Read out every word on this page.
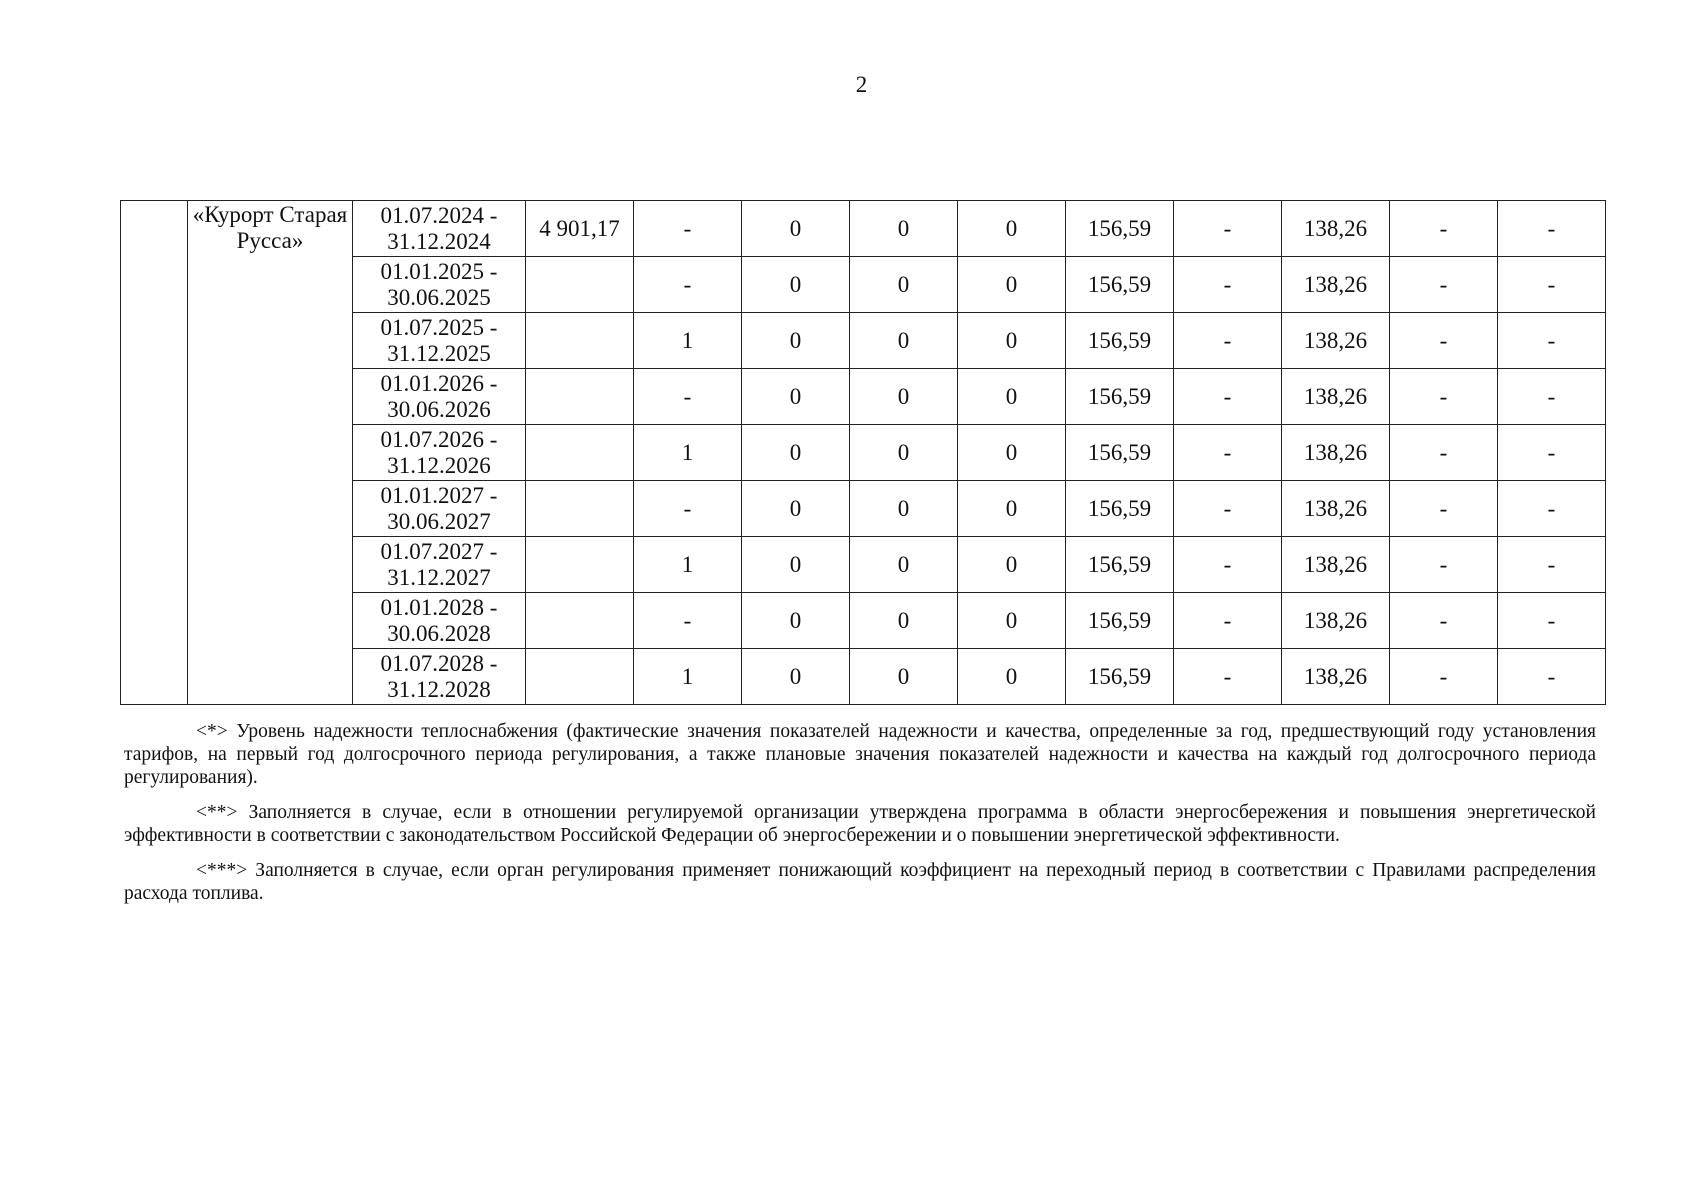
2
	«Курорт Старая Русса»	01.07.2024 -
31.12.2024	4 901,17	-	0	0	0	156,59	-	138,26	-	-

		01.01.2025 -
30.06.2025		-	0	0	0	156,59	-	138,26	-	-

		01.07.2025 -
31.12.2025		1	0	0	0	156,59	-	138,26	-	-

		01.01.2026 -
30.06.2026		-	0	0	0	156,59	-	138,26	-	-

		01.07.2026 -
31.12.2026		1	0	0	0	156,59	-	138,26	-	-

		01.01.2027 -
30.06.2027		-	0	0	0	156,59	-	138,26	-	-

		01.07.2027 -
31.12.2027		1	0	0	0	156,59	-	138,26	-	-

		01.01.2028 -
30.06.2028		-	0	0	0	156,59	-	138,26	-	-

		01.07.2028 -
31.12.2028		1	0	0	0	156,59	-	138,26	-	-

<*> Уровень надежности теплоснабжения (фактические значения показателей надежности и качества, определенные за год, предшествующий году установления тарифов, на первый год долгосрочного периода регулирования, а также плановые значения показателей надежности и качества на каждый год долгосрочного периода регулирования).

<**> Заполняется в случае, если в отношении регулируемой организации утверждена программа в области энергосбережения и повышения энергетической эффективности в соответствии с законодательством Российской Федерации об энергосбережении и о повышении энергетической эффективности.

<***> Заполняется в случае, если орган регулирования применяет понижающий коэффициент на переходный период в соответствии с Правилами распределения расхода топлива.
